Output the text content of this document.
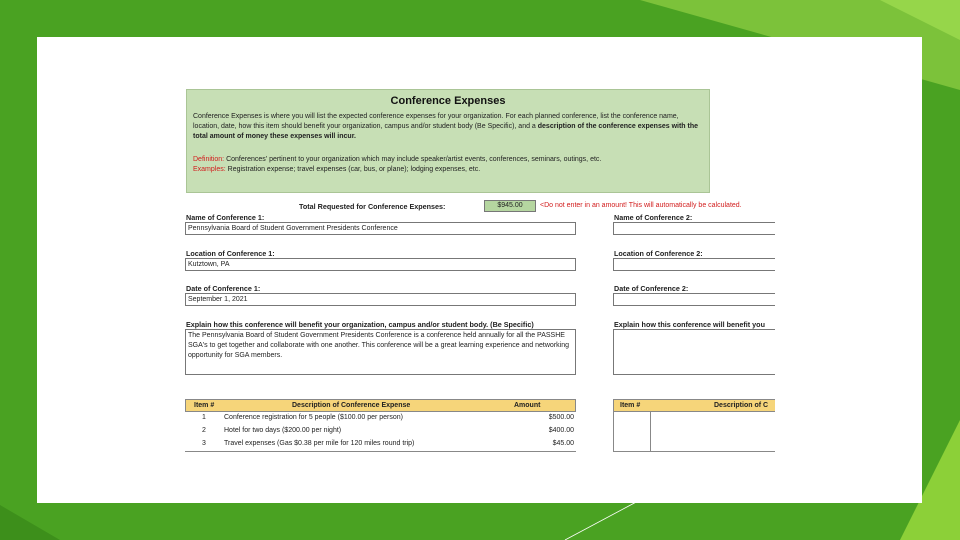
Conference Expenses
Conference Expenses is where you will list the expected conference expenses for your organization. For each planned conference, list the conference name, location, date, how this item should benefit your organization, campus and/or student body (Be Specific), and a description of the conference expenses with the total amount of money these expenses will incur.
Definition: Conferences' pertinent to your organization which may include speaker/artist events, conferences, seminars, outings, etc.
Examples: Registration expense; travel expenses (car, bus, or plane); lodging expenses, etc.
Total Requested for Conference Expenses:	$945.00	<Do not enter in an amount! This will automatically be calculated.
Name of Conference 1:
Pennsylvania Board of Student Government Presidents Conference
Location of Conference 1:
Kutztown, PA
Date of Conference 1:
September 1, 2021
Explain how this conference will benefit your organization, campus and/or student body. (Be Specific)
The Pennsylvania Board of Student Government Presidents Conference is a conference held annually for all the PASSHE SGA's to get together and collaborate with one another. This conference will be a great learning experience and networking opportunity for SGA members.
Name of Conference 2:
Location of Conference 2:
Date of Conference 2:
Explain how this conference will benefit you
Item #	Description of Conference Expense	Amount
1	Conference registration for 5 people ($100.00 per person)	$500.00
2	Hotel for two days ($200.00 per night)	$400.00
3	Travel expenses (Gas $0.38 per mile for 120 miles round trip)	$45.00
Item #	Description of C
